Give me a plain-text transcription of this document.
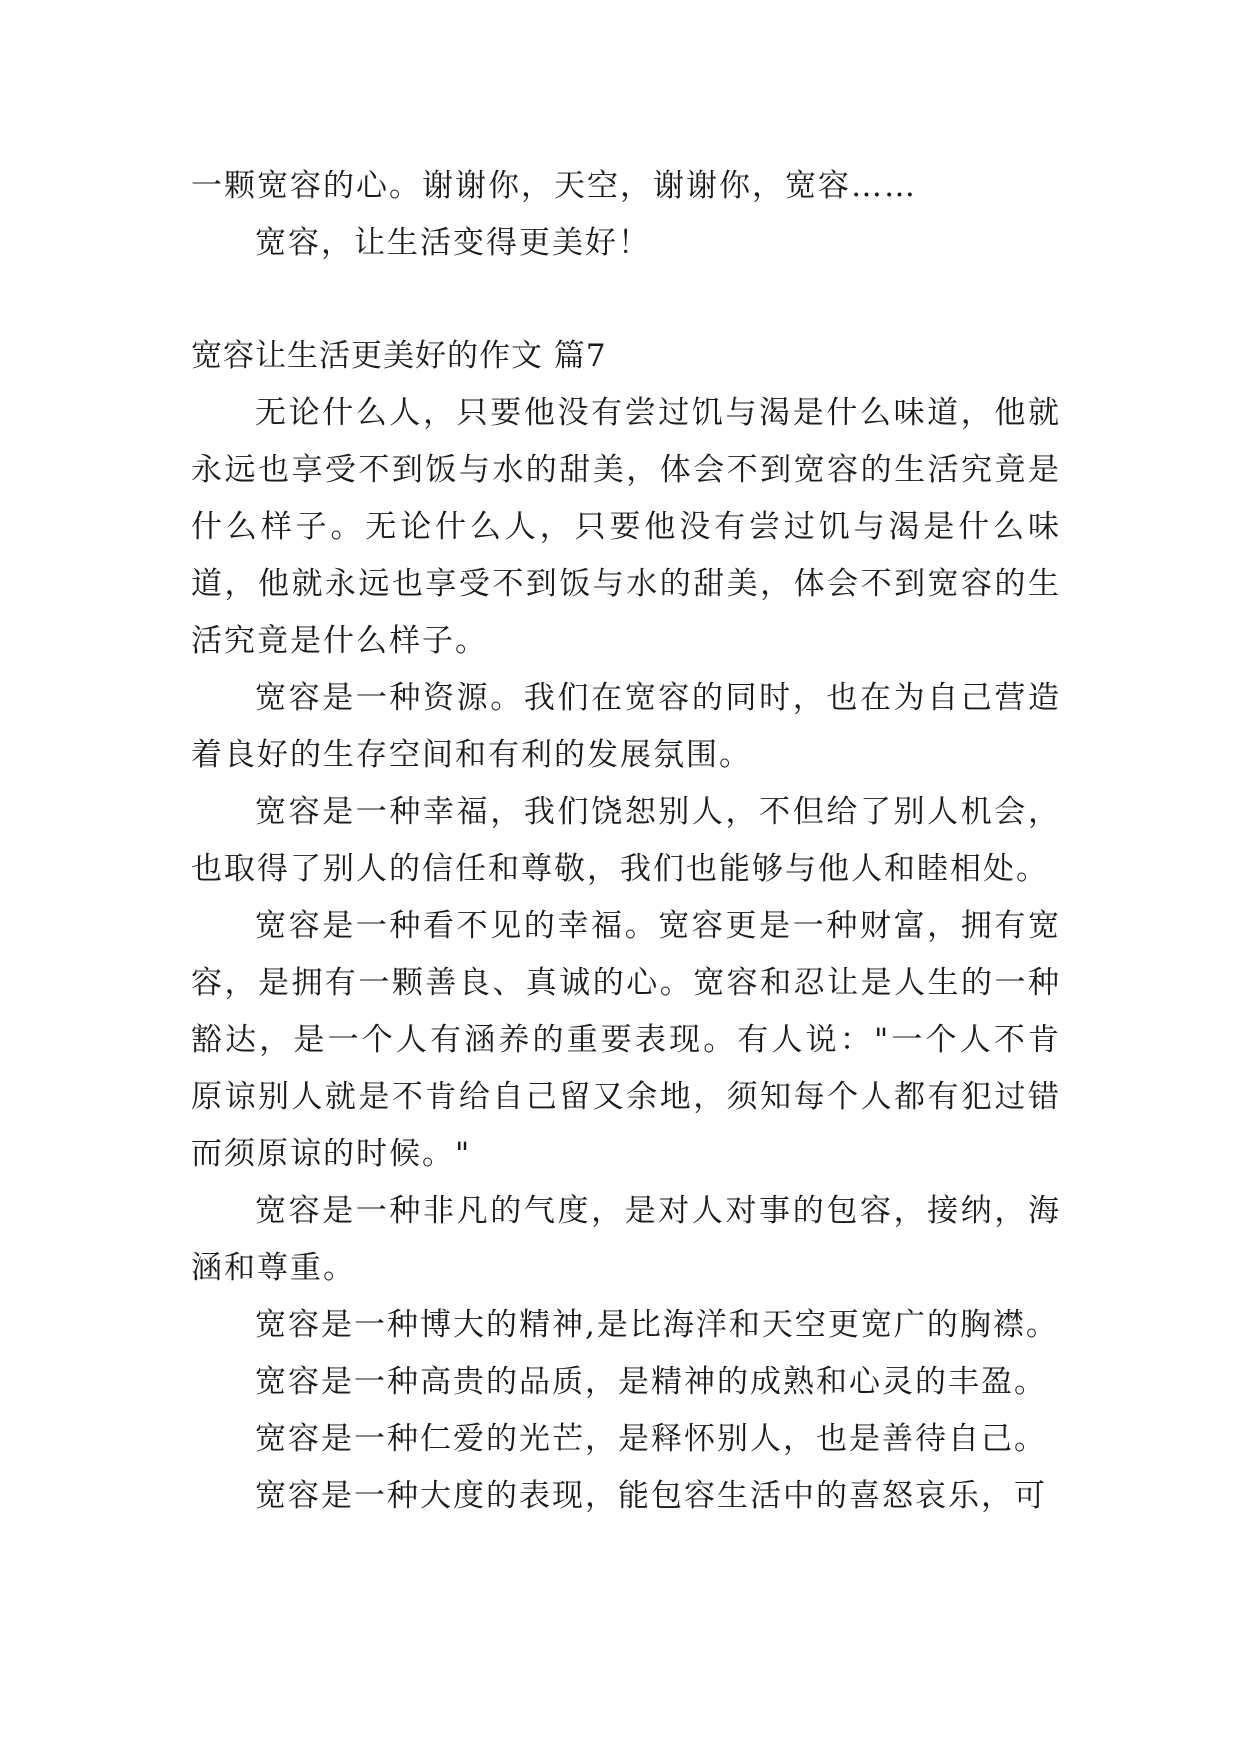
一颗宽容的心。谢谢你，天空，谢谢你，宽容……

宽容，让生活变得更美好！

宽容让生活更美好的作文 篇7

无论什么人，只要他没有尝过饥与渴是什么味道，他就永远也享受不到饭与水的甜美，体会不到宽容的生活究竟是什么样子。无论什么人，只要他没有尝过饥与渴是什么味道，他就永远也享受不到饭与水的甜美，体会不到宽容的生活究竟是什么样子。

宽容是一种资源。我们在宽容的同时，也在为自己营造着良好的生存空间和有利的发展氛围。

宽容是一种幸福，我们饶恕别人，不但给了别人机会，也取得了别人的信任和尊敬，我们也能够与他人和睦相处。

宽容是一种看不见的幸福。宽容更是一种财富，拥有宽容，是拥有一颗善良、真诚的心。宽容和忍让是人生的一种豁达，是一个人有涵养的重要表现。有人说："一个人不肯原谅别人就是不肯给自己留又余地，须知每个人都有犯过错而须原谅的时候。"

宽容是一种非凡的气度，是对人对事的包容，接纳，海涵和尊重。

宽容是一种博大的精神,是比海洋和天空更宽广的胸襟。

宽容是一种高贵的品质，是精神的成熟和心灵的丰盈。

宽容是一种仁爱的光芒，是释怀别人，也是善待自己。

宽容是一种大度的表现，能包容生活中的喜怒哀乐，可
